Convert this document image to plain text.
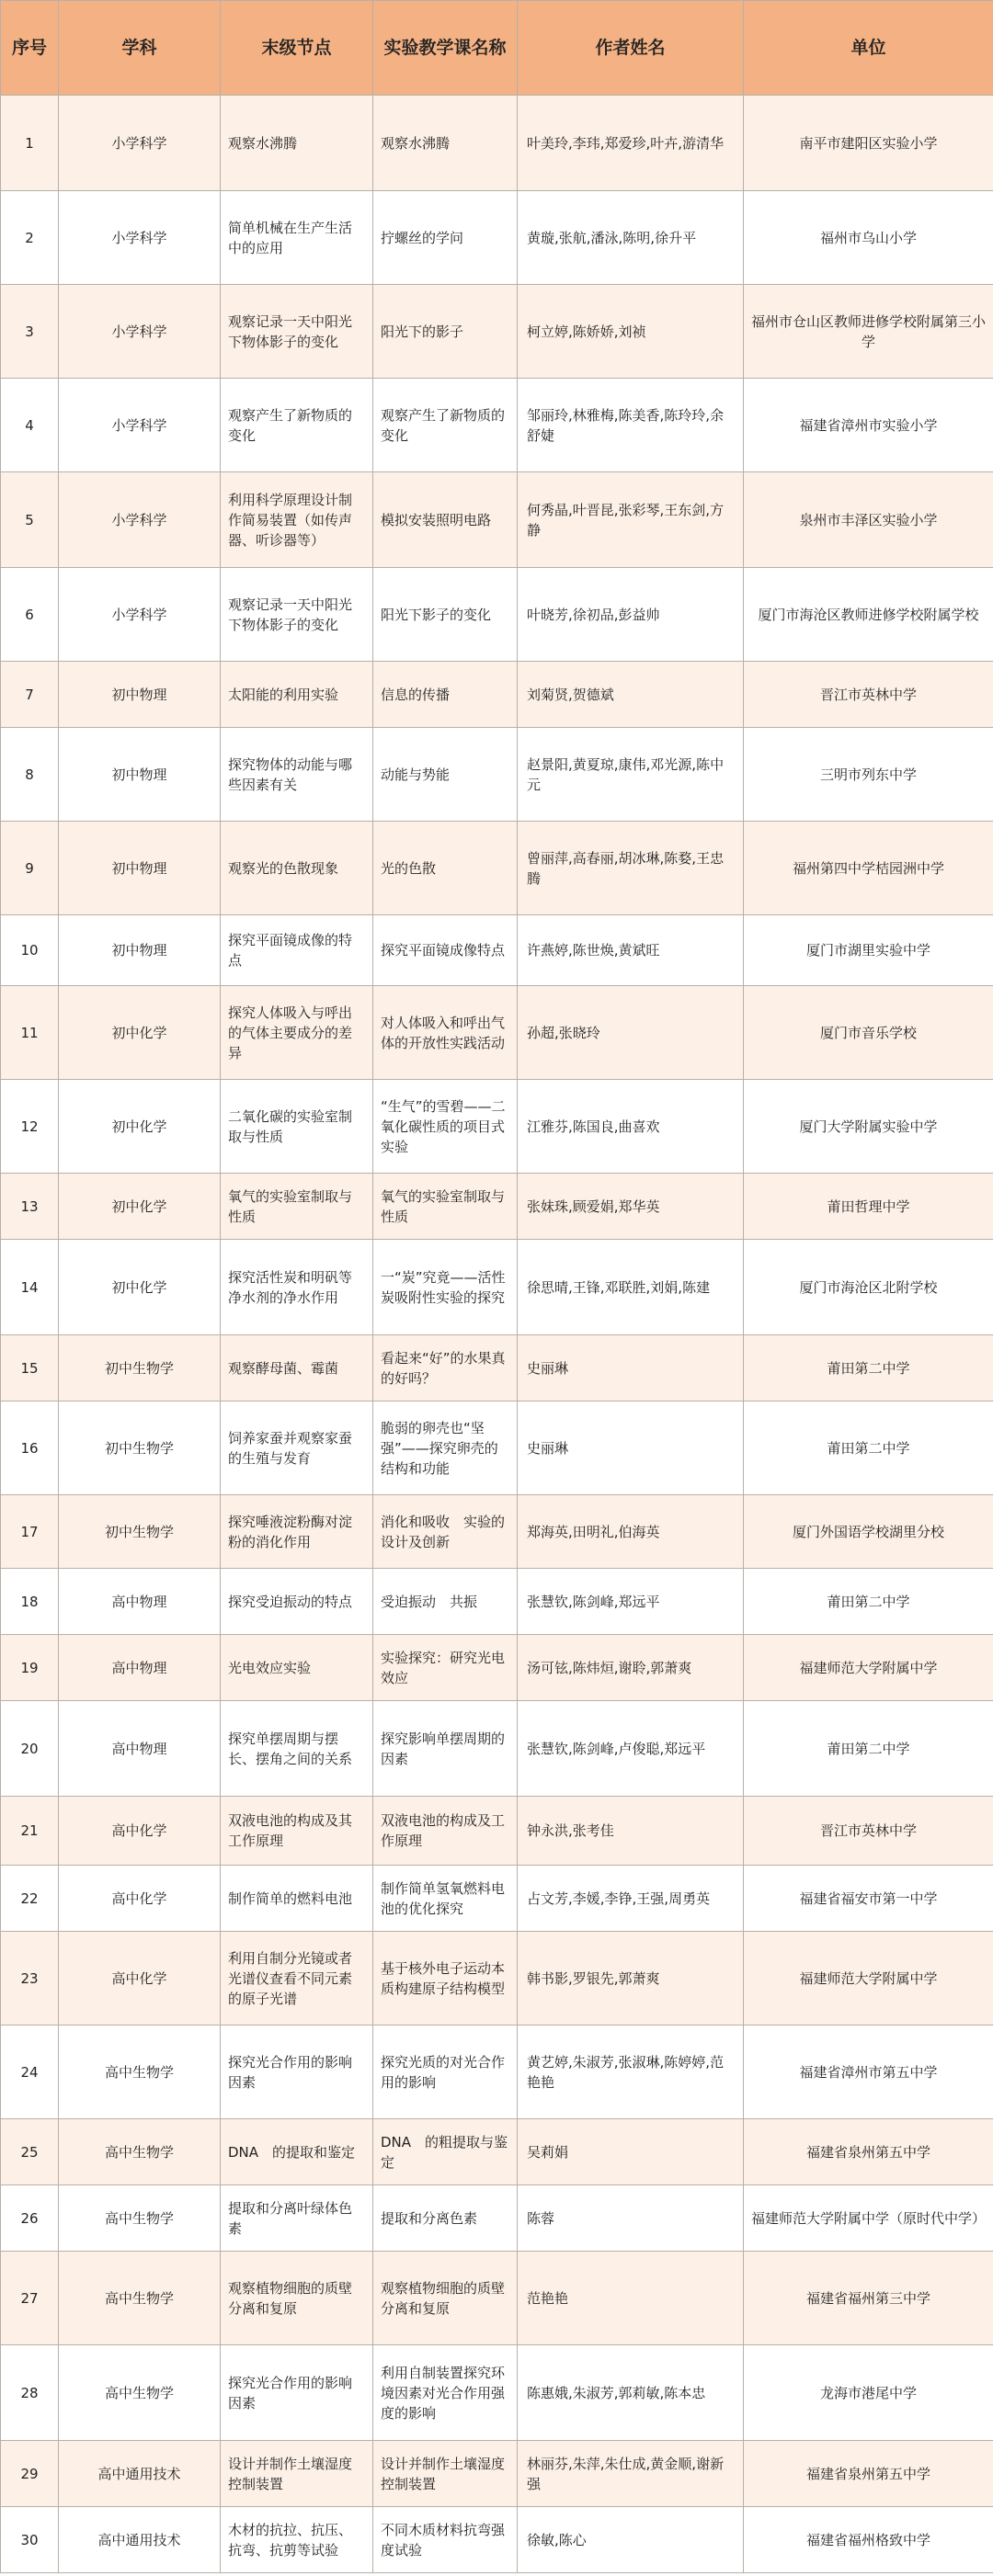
序号	学科	末级节点	实验教学课名称	作者姓名	单位
1	小学科学	观察水沸腾	观察水沸腾	叶美玲,李玮,郑爱珍,叶卉,游清华	南平市建阳区实验小学
2	小学科学	简单机械在生产生活中的应用	拧螺丝的学问	黄璇,张航,潘泳,陈明,徐升平	福州市乌山小学
3	小学科学	观察记录一天中阳光下物体影子的变化	阳光下的影子	柯立婷,陈娇娇,刘祯	福州市仓山区教师进修学校附属第三小学
4	小学科学	观察产生了新物质的变化	观察产生了新物质的变化	邹丽玲,林雅梅,陈美香,陈玲玲,余舒婕	福建省漳州市实验小学
5	小学科学	利用科学原理设计制作简易装置（如传声器、听诊器等）	模拟安装照明电路	何秀晶,叶晋昆,张彩琴,王东剑,方静	泉州市丰泽区实验小学
6	小学科学	观察记录一天中阳光下物体影子的变化	阳光下影子的变化	叶晓芳,徐初品,彭益帅	厦门市海沧区教师进修学校附属学校
7	初中物理	太阳能的利用实验	信息的传播	刘菊贤,贺德斌	晋江市英林中学
8	初中物理	探究物体的动能与哪些因素有关	动能与势能	赵景阳,黄夏琼,康伟,邓光源,陈中元	三明市列东中学
9	初中物理	观察光的色散现象	光的色散	曾丽萍,高春丽,胡冰琳,陈婺,王忠腾	福州第四中学桔园洲中学
10	初中物理	探究平面镜成像的特点	探究平面镜成像特点	许燕婷,陈世焕,黄斌旺	厦门市湖里实验中学
11	初中化学	探究人体吸入与呼出的气体主要成分的差异	对人体吸入和呼出气体的开放性实践活动	孙超,张晓玲	厦门市音乐学校
12	初中化学	二氧化碳的实验室制取与性质	“生气”的雪碧——二氧化碳性质的项目式实验	江雅芬,陈国良,曲喜欢	厦门大学附属实验中学
13	初中化学	氧气的实验室制取与性质	氧气的实验室制取与性质	张妹珠,顾爱娟,郑华英	莆田哲理中学
14	初中化学	探究活性炭和明矾等净水剂的净水作用	一“炭”究竟——活性炭吸附性实验的探究	徐思晴,王锋,邓联胜,刘娟,陈建	厦门市海沧区北附学校
15	初中生物学	观察酵母菌、霉菌	看起来“好”的水果真的好吗？	史丽琳	莆田第二中学
16	初中生物学	饲养家蚕并观察家蚕的生殖与发育	脆弱的卵壳也“坚强”——探究卵壳的结构和功能	史丽琳	莆田第二中学
17	初中生物学	探究唾液淀粉酶对淀粉的消化作用	消化和吸收　实验的设计及创新	郑海英,田明礼,伯海英	厦门外国语学校湖里分校
18	高中物理	探究受迫振动的特点	受迫振动　共振	张慧钦,陈剑峰,郑远平	莆田第二中学
19	高中物理	光电效应实验	实验探究：研究光电效应	汤可铉,陈炜烜,谢聆,郭萧爽	福建师范大学附属中学
20	高中物理	探究单摆周期与摆长、摆角之间的关系	探究影响单摆周期的因素	张慧钦,陈剑峰,卢俊聪,郑远平	莆田第二中学
21	高中化学	双液电池的构成及其工作原理	双液电池的构成及工作原理	钟永洪,张考佳	晋江市英林中学
22	高中化学	制作简单的燃料电池	制作简单氢氧燃料电池的优化探究	占文芳,李媛,李铮,王强,周勇英	福建省福安市第一中学
23	高中化学	利用自制分光镜或者光谱仪查看不同元素的原子光谱	基于核外电子运动本质构建原子结构模型	韩书影,罗银先,郭萧爽	福建师范大学附属中学
24	高中生物学	探究光合作用的影响因素	探究光质的对光合作用的影响	黄艺婷,朱淑芳,张淑琳,陈婷婷,范艳艳	福建省漳州市第五中学
25	高中生物学	DNA　的提取和鉴定	DNA　的粗提取与鉴定	吴莉娟	福建省泉州第五中学
26	高中生物学	提取和分离叶绿体色素	提取和分离色素	陈蓉	福建师范大学附属中学（原时代中学）
27	高中生物学	观察植物细胞的质壁分离和复原	观察植物细胞的质壁分离和复原	范艳艳	福建省福州第三中学
28	高中生物学	探究光合作用的影响因素	利用自制装置探究环境因素对光合作用强度的影响	陈惠娥,朱淑芳,郭莉敏,陈本忠	龙海市港尾中学
29	高中通用技术	设计并制作土壤湿度控制装置	设计并制作土壤湿度控制装置	林丽芬,朱萍,朱仕成,黄金顺,谢新强	福建省泉州第五中学
30	高中通用技术	木材的抗拉、抗压、抗弯、抗剪等试验	不同木质材料抗弯强度试验	徐敏,陈心	福建省福州格致中学
